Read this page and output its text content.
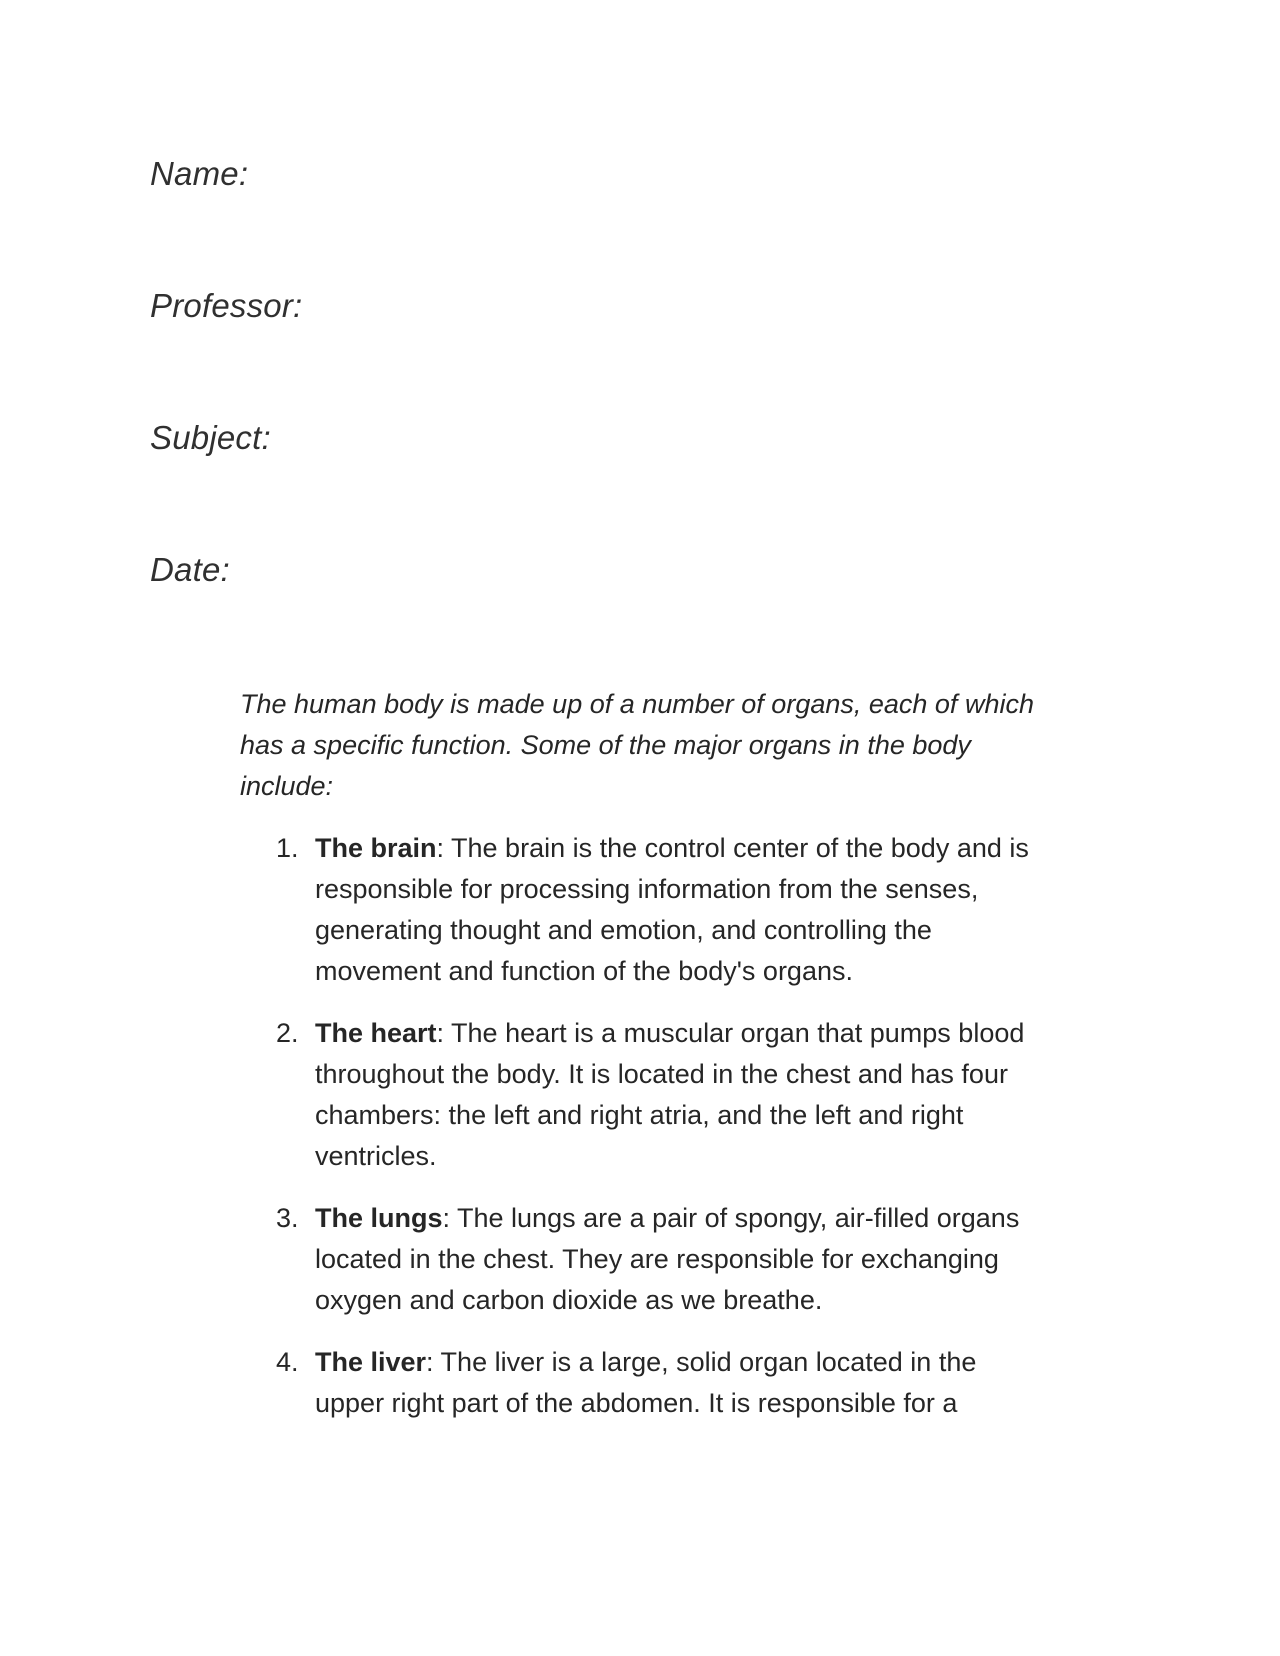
Name:
Professor:
Subject:
Date:

The human body is made up of a number of organs, each of which has a specific function. Some of the major organs in the body include:

1. The brain: The brain is the control center of the body and is responsible for processing information from the senses, generating thought and emotion, and controlling the movement and function of the body's organs.
2. The heart: The heart is a muscular organ that pumps blood throughout the body. It is located in the chest and has four chambers: the left and right atria, and the left and right ventricles.
3. The lungs: The lungs are a pair of spongy, air-filled organs located in the chest. They are responsible for exchanging oxygen and carbon dioxide as we breathe.
4. The liver: The liver is a large, solid organ located in the upper right part of the abdomen. It is responsible for a
